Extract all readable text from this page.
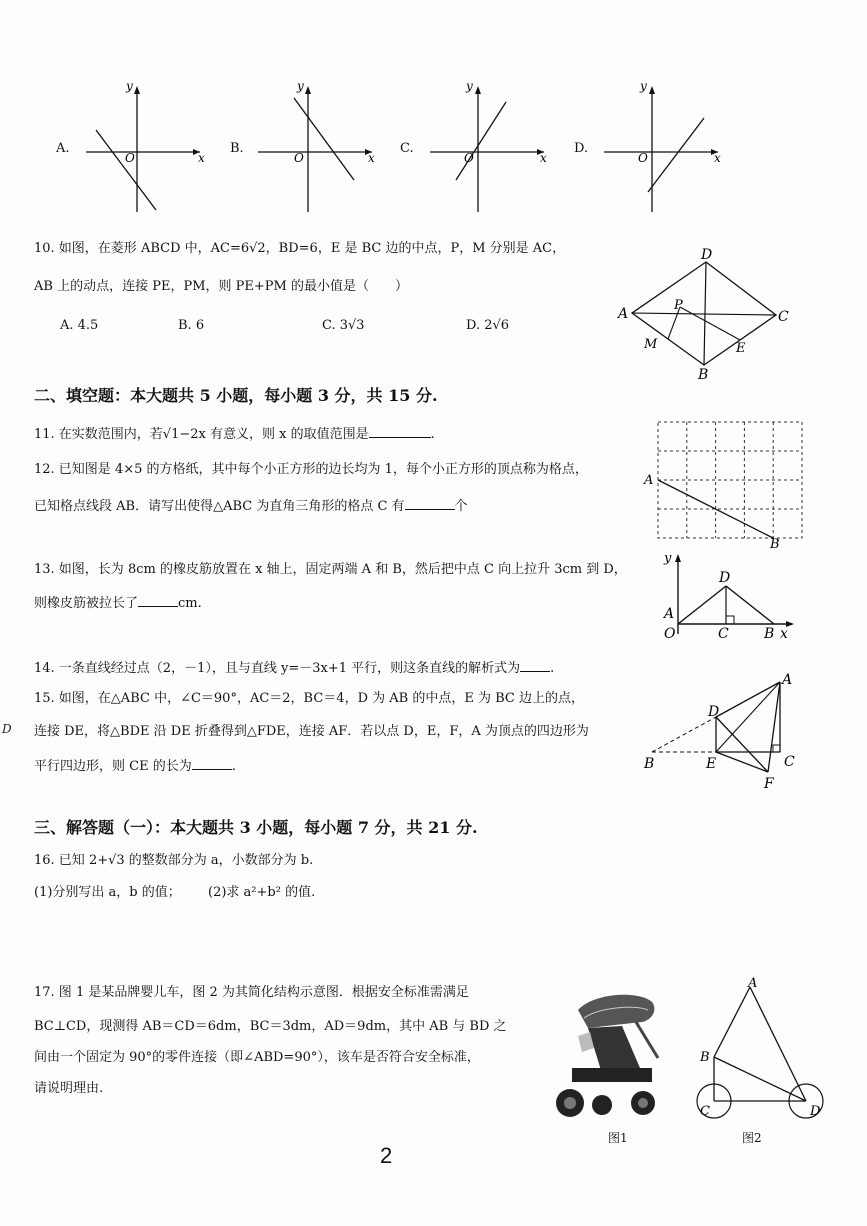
A.
y
O	x
B.
y
O	x
C.
y
O	x
D.
y
O	x
10. 如图，在菱形 ABCD 中，AC=6√2，BD=6，E 是 BC 边的中点，P，M 分别是 AC，
AB 上的动点，连接 PE，PM，则 PE+PM 的最小值是（　　）
A. 4.5	B. 6	C. 3√3	D. 2√6
D
A	C
B
P
M	E
二、填空题：本大题共 5 小题，每小题 3 分，共 15 分.
11. 在实数范围内，若√1−2x 有意义，则 x 的取值范围是	.
12. 已知图是 4×5 的方格纸，其中每个小正方形的边长均为 1，每个小正方形的顶点称为格点，
已知格点线段 AB．请写出使得△ABC 为直角三角形的格点 C 有	个
A
B
13. 如图，长为 8cm 的橡皮筋放置在 x 轴上，固定两端 A 和 B，然后把中点 C 向上拉升 3cm 到 D，
则橡皮筋被拉长了	cm.
y
D
A
O	C	B x
14. 一条直线经过点（2，－1），且与直线 y=－3x+1 平行，则这条直线的解析式为 .
15. 如图，在△ABC 中，∠C＝90°，AC＝2，BC＝4，D 为 AB 的中点，E 为 BC 边上的点，
连接 DE，将△BDE 沿 DE 折叠得到△FDE，连接 AF．若以点 D，E，F，A 为顶点的四边形为
平行四边形，则 CE 的长为	.
A
D
B	E	C
F
三、解答题（一）：本大题共 3 小题，每小题 7 分，共 21 分.
16. 已知 2+√3 的整数部分为 a，小数部分为 b.
(1)分别写出 a，b 的值； (2)求 a²+b² 的值.
17. 图 1 是某品牌婴儿车，图 2 为其简化结构示意图．根据安全标准需满足
BC⊥CD，现测得 AB＝CD＝6dm，BC＝3dm，AD＝9dm，其中 AB 与 BD 之
间由一个固定为 90°的零件连接（即∠ABD=90°），该车是否符合安全标准，
请说明理由.
图1
A
B
C	D
图2
2
D
